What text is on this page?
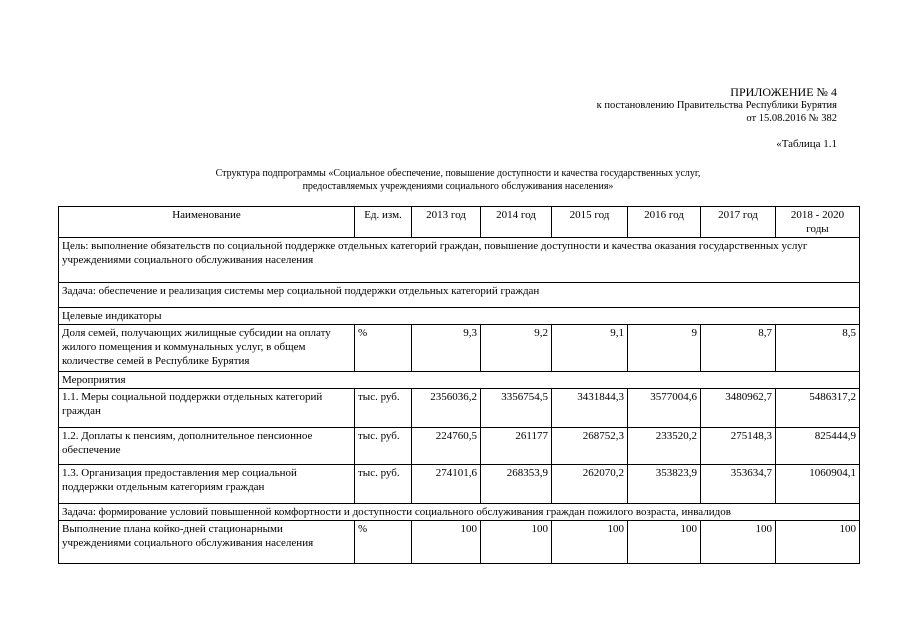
ПРИЛОЖЕНИЕ № 4
к постановлению Правительства Республики Бурятия
от 15.08.2016 № 382
«Таблица 1.1
Структура подпрограммы «Социальное обеспечение, повышение доступности и качества государственных услуг,
предоставляемых учреждениями социального обслуживания населения»
Наименование	Ед. изм.	2013 год	2014 год	2015 год	2016 год	2017 год	2018 - 2020 годы
Цель: выполнение обязательств по социальной поддержке отдельных категорий граждан, повышение доступности и качества оказания государственных услуг учреждениями социального обслуживания населения							
Задача: обеспечение и реализация системы мер социальной поддержки отдельных категорий граждан							
Целевые индикаторы							
Доля семей, получающих жилищные субсидии на оплату жилого помещения и коммунальных услуг, в общем количестве семей в Республике Бурятия	%	9,3	9,2	9,1	9	8,7	8,5
Мероприятия							
1.1. Меры социальной поддержки отдельных категорий граждан	тыс. руб.	2356036,2	3356754,5	3431844,3	3577004,6	3480962,7	5486317,2
1.2. Доплаты к пенсиям, дополнительное пенсионное обеспечение	тыс. руб.	224760,5	261177	268752,3	233520,2	275148,3	825444,9
1.3. Организация предоставления мер социальной поддержки отдельным категориям граждан	тыс. руб.	274101,6	268353,9	262070,2	353823,9	353634,7	1060904,1
Задача: формирование условий повышенной комфортности и доступности социального обслуживания граждан пожилого возраста, инвалидов							
Выполнение плана койко-дней стационарными учреждениями социального обслуживания населения	%	100	100	100	100	100	100
